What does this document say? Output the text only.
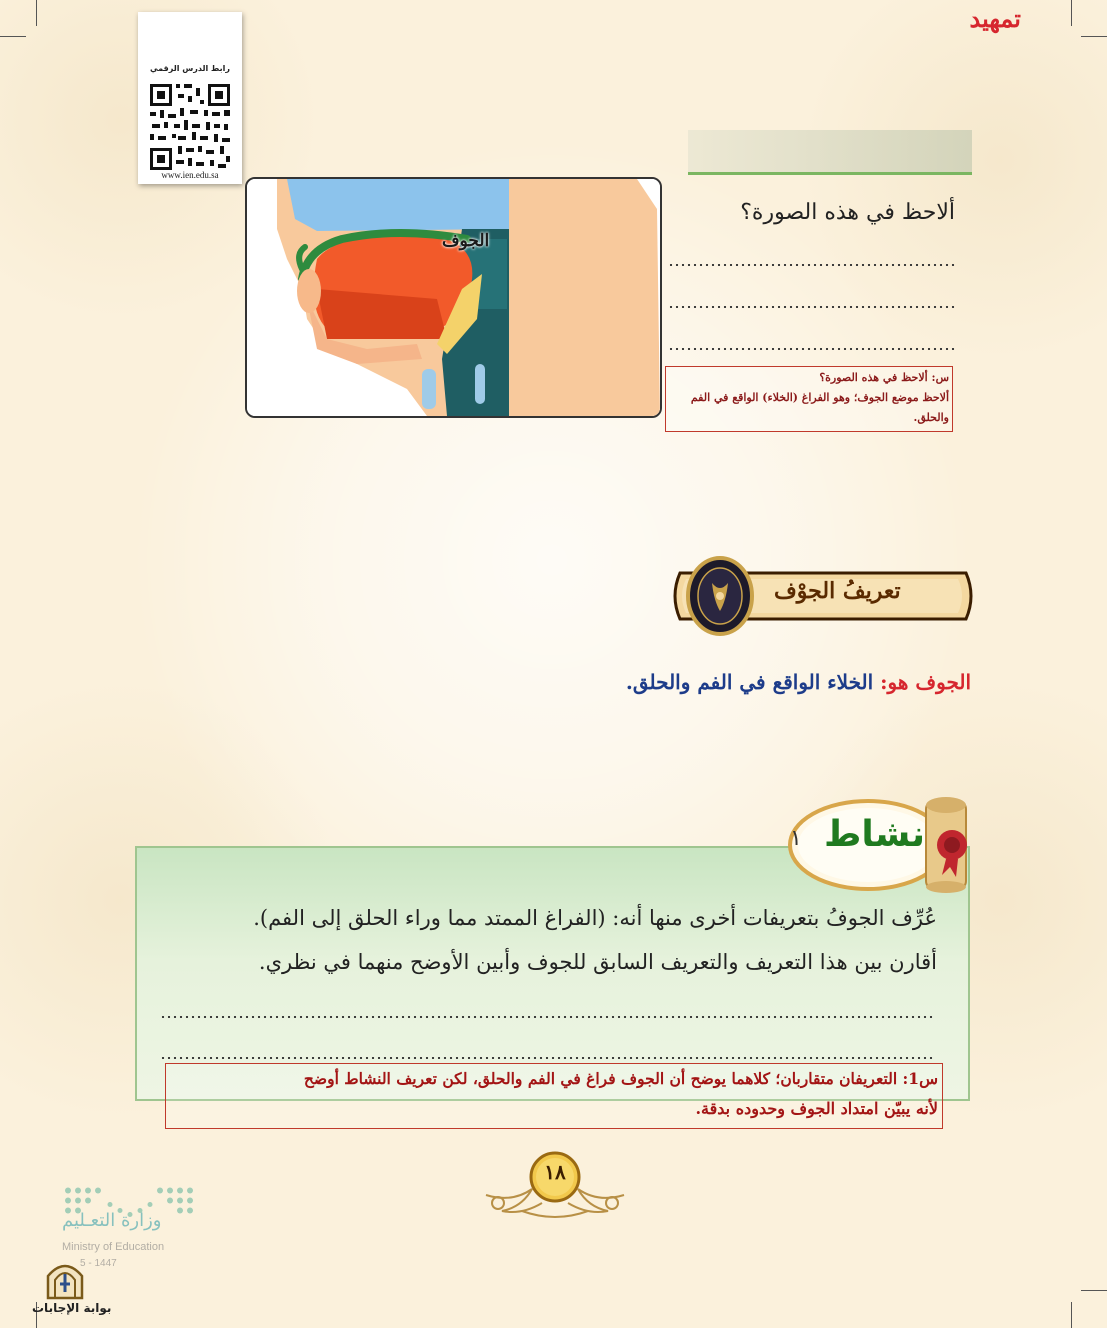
رابط الدرس الرقمي
www.ien.edu.sa
تمهيد
ألاحظ في هذه الصورة؟
س: ألاحظ في هذه الصورة؟
ألاحظ موضع الجوف؛ وهو الفراغ (الخلاء) الواقع في الفم
والحلق.
الجوف
تعريفُ الجوْف
الجوف هو: الخلاء الواقع في الفم والحلق.
نشاط
١
عُرِّف الجوفُ بتعريفات أخرى منها أنه: (الفراغ الممتد مما وراء الحلق إلى الفم).
أقارن بين هذا التعريف والتعريف السابق للجوف وأبين الأوضح منهما في نظري.
س1: التعريفان متقاربان؛ كلاهما يوضح أن الجوف فراغ في الفم والحلق، لكن تعريف النشاط أوضح
لأنه يبيّن امتداد الجوف وحدوده بدقة.
١٨
وزارة التعـليم
Ministry of Education
5 - 1447
بوابة الإجابات
